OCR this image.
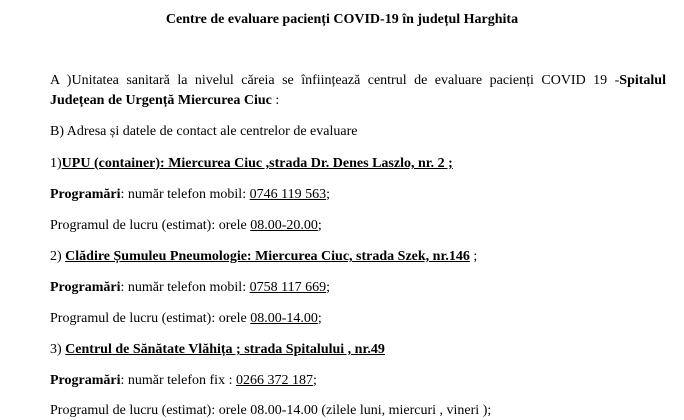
Centre de evaluare pacienți COVID-19 în județul Harghita
A )Unitatea sanitară la nivelul căreia se înființează centrul de evaluare pacienți COVID 19 -Spitalul
Județean de Urgență Miercurea Ciuc :
B) Adresa și datele de contact ale centrelor de evaluare
1)UPU (container): Miercurea Ciuc ,strada Dr. Denes Laszlo, nr. 2 ;
Programări: număr telefon mobil: 0746 119 563;
Programul de lucru (estimat): orele 08.00-20.00;
2) Clădire Șumuleu Pneumologie: Miercurea Ciuc, strada Szek, nr.146 ;
Programări: număr telefon mobil: 0758 117 669;
Programul de lucru (estimat): orele 08.00-14.00;
3) Centrul de Sănătate Vlăhița ; strada Spitalului , nr.49
Programări: număr telefon fix : 0266 372 187;
Programul de lucru (estimat): orele 08.00-14.00 (zilele luni, miercuri , vineri );
